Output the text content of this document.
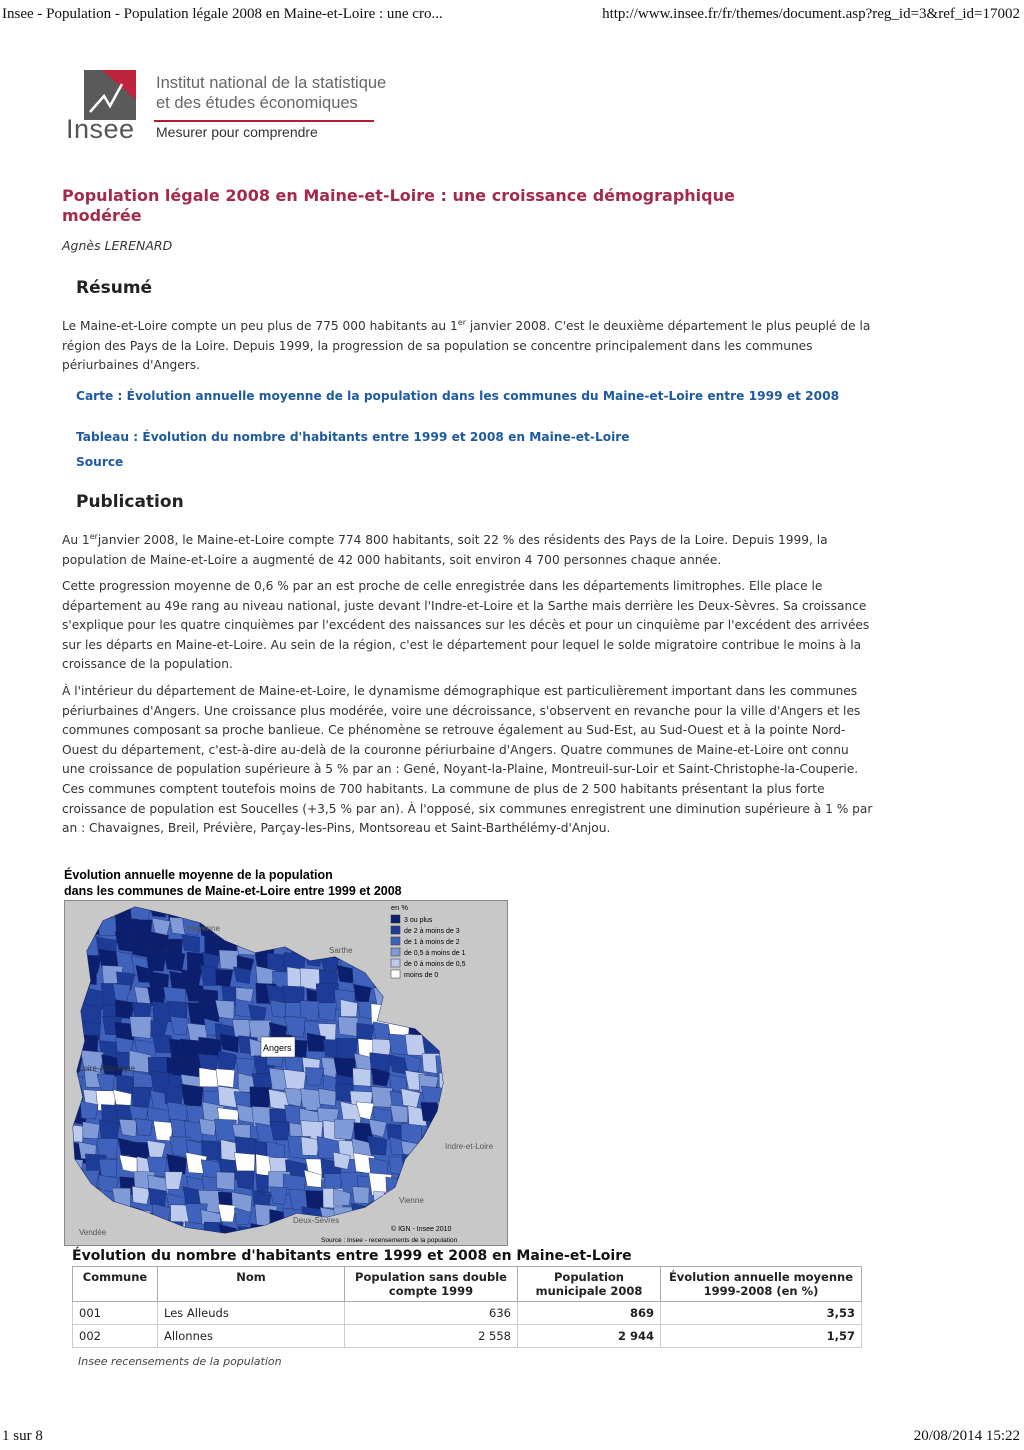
Insee - Population - Population légale 2008 en Maine-et-Loire : une cro...	http://www.insee.fr/fr/themes/document.asp?reg_id=3&ref_id=17002
1 sur 8	20/08/2014 15:22
Insee
Institut national de la statistique
et des études économiques
Mesurer pour comprendre
Population légale 2008 en Maine-et-Loire : une croissance démographique modérée
Agnès LERENARD
Résumé

Le Maine-et-Loire compte un peu plus de 775 000 habitants au 1er janvier 2008. C'est le deuxième département le plus peuplé de la région des Pays de la Loire. Depuis 1999, la progression de sa population se concentre principalement dans les communes périurbaines d'Angers.

Carte : Évolution annuelle moyenne de la population dans les communes du Maine-et-Loire entre 1999 et 2008
Tableau : Évolution du nombre d'habitants entre 1999 et 2008 en Maine-et-Loire
Source
Publication

Au 1erjanvier 2008, le Maine-et-Loire compte 774 800 habitants, soit 22 % des résidents des Pays de la Loire. Depuis 1999, la population de Maine-et-Loire a augmenté de 42 000 habitants, soit environ 4 700 personnes chaque année.

Cette progression moyenne de 0,6 % par an est proche de celle enregistrée dans les départements limitrophes. Elle place le département au 49e rang au niveau national, juste devant l'Indre-et-Loire et la Sarthe mais derrière les Deux-Sèvres. Sa croissance s'explique pour les quatre cinquièmes par l'excédent des naissances sur les décès et pour un cinquième par l'excédent des arrivées sur les départs en Maine-et-Loire. Au sein de la région, c'est le département pour lequel le solde migratoire contribue le moins à la croissance de la population.

À l'intérieur du département de Maine-et-Loire, le dynamisme démographique est particulièrement important dans les communes périurbaines d'Angers. Une croissance plus modérée, voire une décroissance, s'observent en revanche pour la ville d'Angers et les communes composant sa proche banlieue. Ce phénomène se retrouve également au Sud-Est, au Sud-Ouest et à la pointe Nord-Ouest du département, c'est-à-dire au-delà de la couronne périurbaine d'Angers. Quatre communes de Maine-et-Loire ont connu une croissance de population supérieure à 5 % par an : Gené, Noyant-la-Plaine, Montreuil-sur-Loir et Saint-Christophe-la-Couperie. Ces communes comptent toutefois moins de 700 habitants. La commune de plus de 2 500 habitants présentant la plus forte croissance de population est Soucelles (+3,5 % par an). À l'opposé, six communes enregistrent une diminution supérieure à 1 % par an : Chavaignes, Breil, Prévière, Parçay-les-Pins, Montsoreau et Saint-Barthélémy-d'Anjou.

Évolution annuelle moyenne de la population
dans les communes de Maine-et-Loire entre 1999 et 2008
Angers
Mayenne
Sarthe
Loire-Atlantique
Indre-et-Loire
Vendée
Deux-Sèvres
Vienne
en %
3 ou plus
de 2 à moins de 3
de 1 à moins de 2
de 0,5 à moins de 1
de 0 à moins de 0,5
moins de 0
© IGN - Insee 2010
Source : Insee - recensements de la population
Évolution du nombre d'habitants entre 1999 et 2008 en Maine-et-Loire
Commune	Nom	Population sans double compte 1999	Population municipale 2008	Évolution annuelle moyenne 1999-2008 (en %)
001	Les Alleuds	636	869	3,53
002	Allonnes	2 558	2 944	1,57
Insee recensements de la population
